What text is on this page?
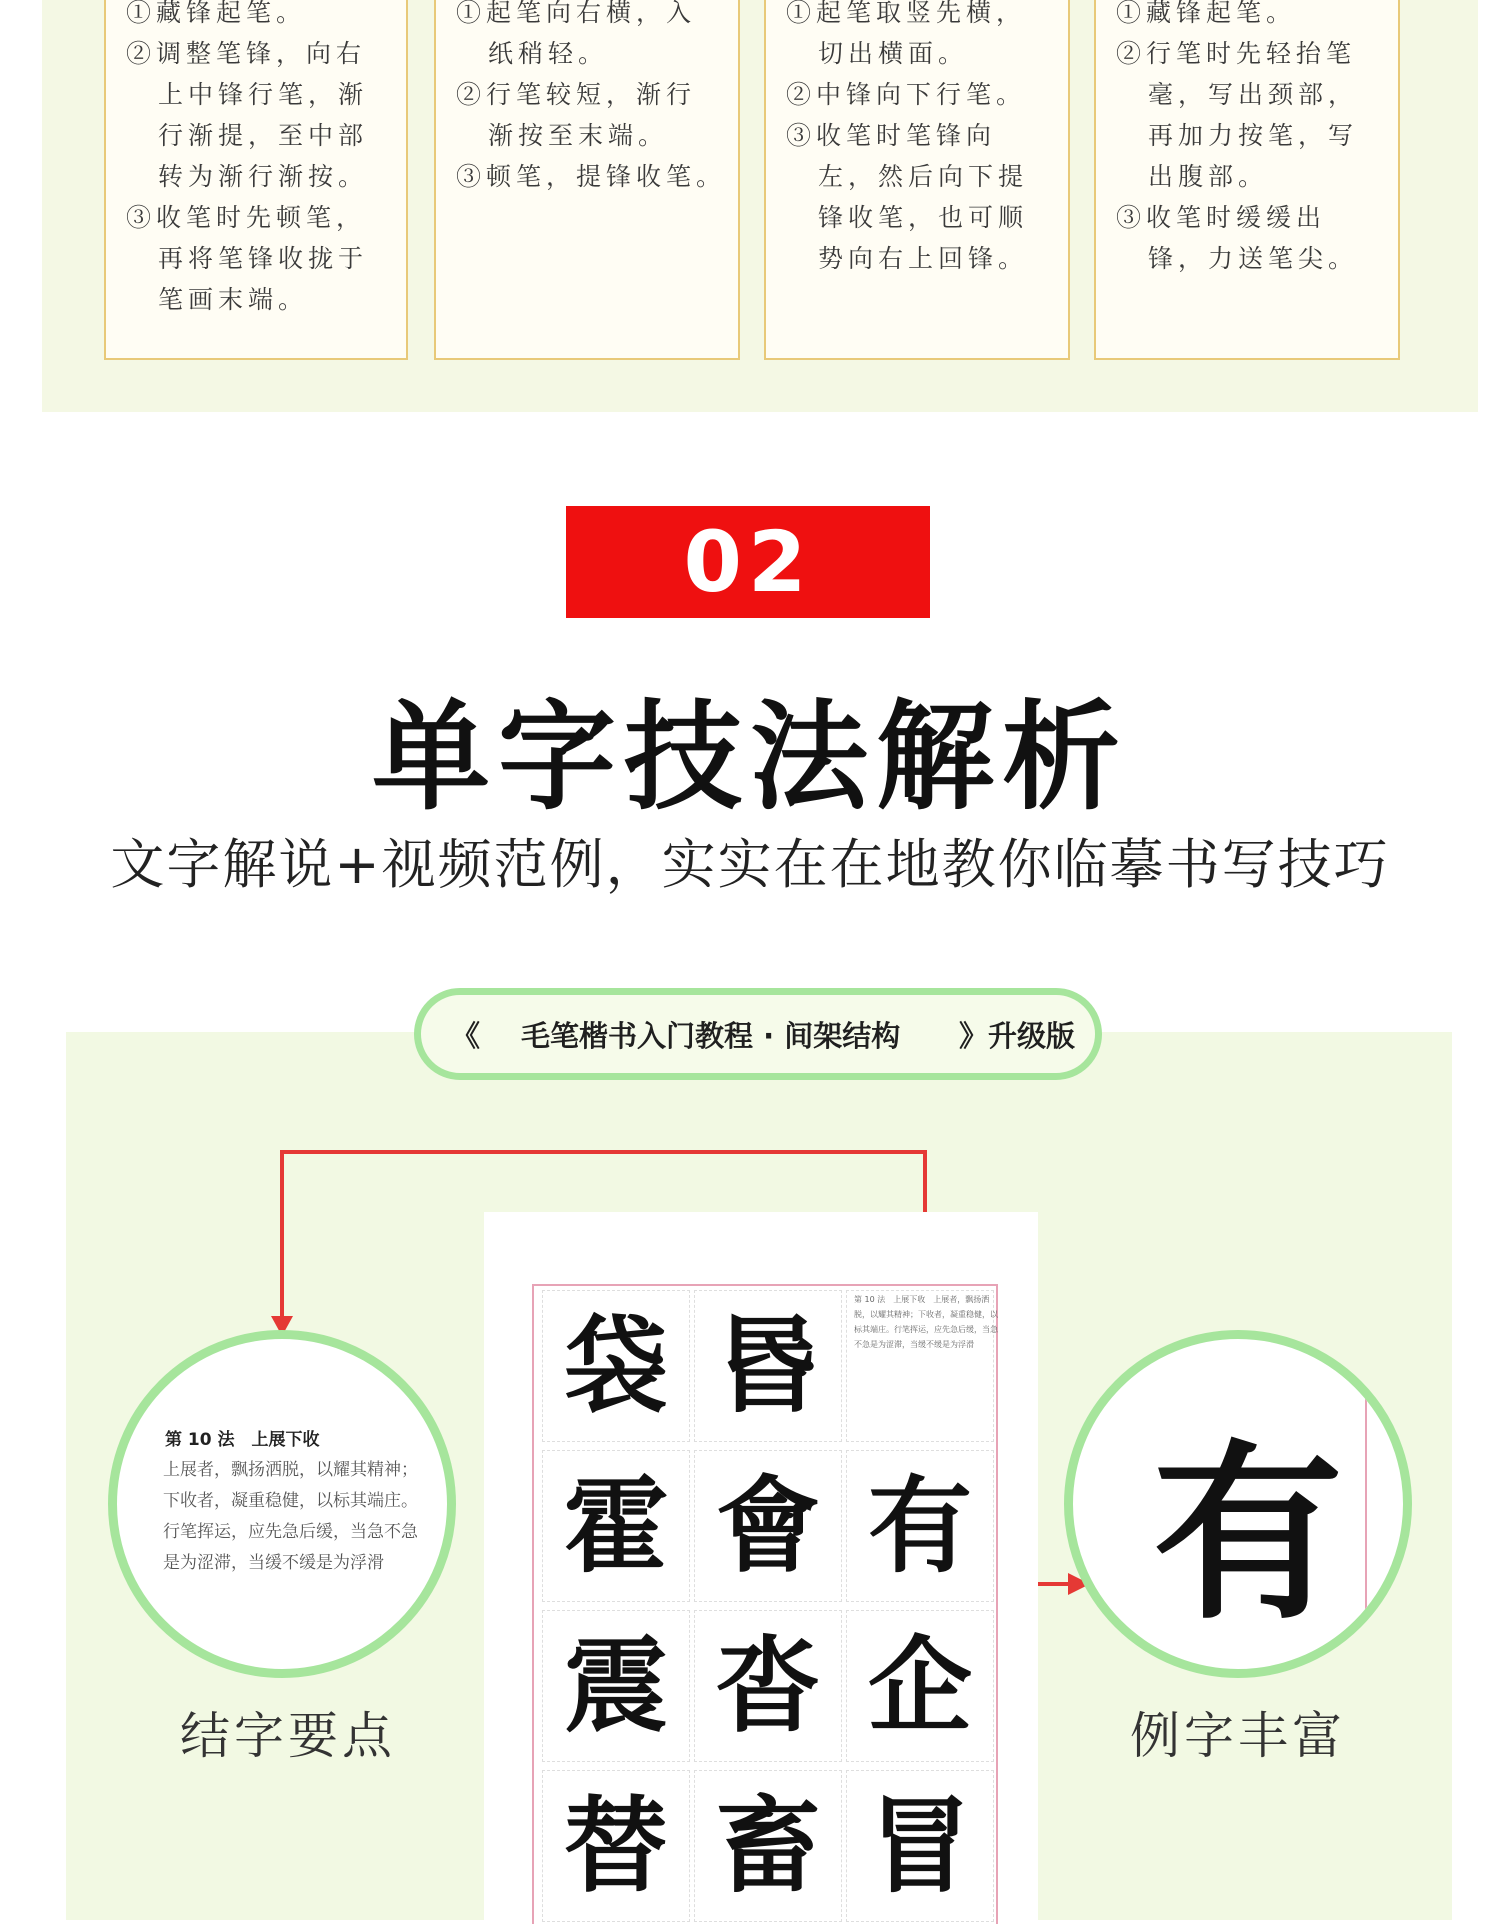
①藏锋起笔。
②调整笔锋，向右
上中锋行笔，渐
行渐提，至中部
转为渐行渐按。
③收笔时先顿笔，
再将笔锋收拢于
笔画末端。
①起笔向右横，入
纸稍轻。
②行笔较短，渐行
渐按至末端。
③顿笔，提锋收笔。
①起笔取竖先横，
切出横面。
②中锋向下行笔。
③收笔时笔锋向
左，然后向下提
锋收笔，也可顺
势向右上回锋。
①藏锋起笔。
②行笔时先轻抬笔
毫，写出颈部，
再加力按笔，写
出腹部。
③收笔时缓缓出
锋，力送笔尖。
02
单字技法解析
文字解说+视频范例，实实在在地教你临摹书写技巧
《 毛笔楷书入门教程 · 间架结构 》升级版
袋 昬
霍 會 有
震 沓 企
替 畜 冒
第 10 法　上展下收　上展者，飘扬洒脱，以耀其精神；下收者，凝重稳健，以标其端庄。行笔挥运，应先急后缓，当急不急是为涩滞，当缓不缓是为浮滑
第 10 法　上展下收
上展者，飘扬洒脱，以耀其精神；下收者，凝重稳健，以标其端庄。行笔挥运，应先急后缓，当急不急是为涩滞，当缓不缓是为浮滑	有
结字要点	例字丰富
